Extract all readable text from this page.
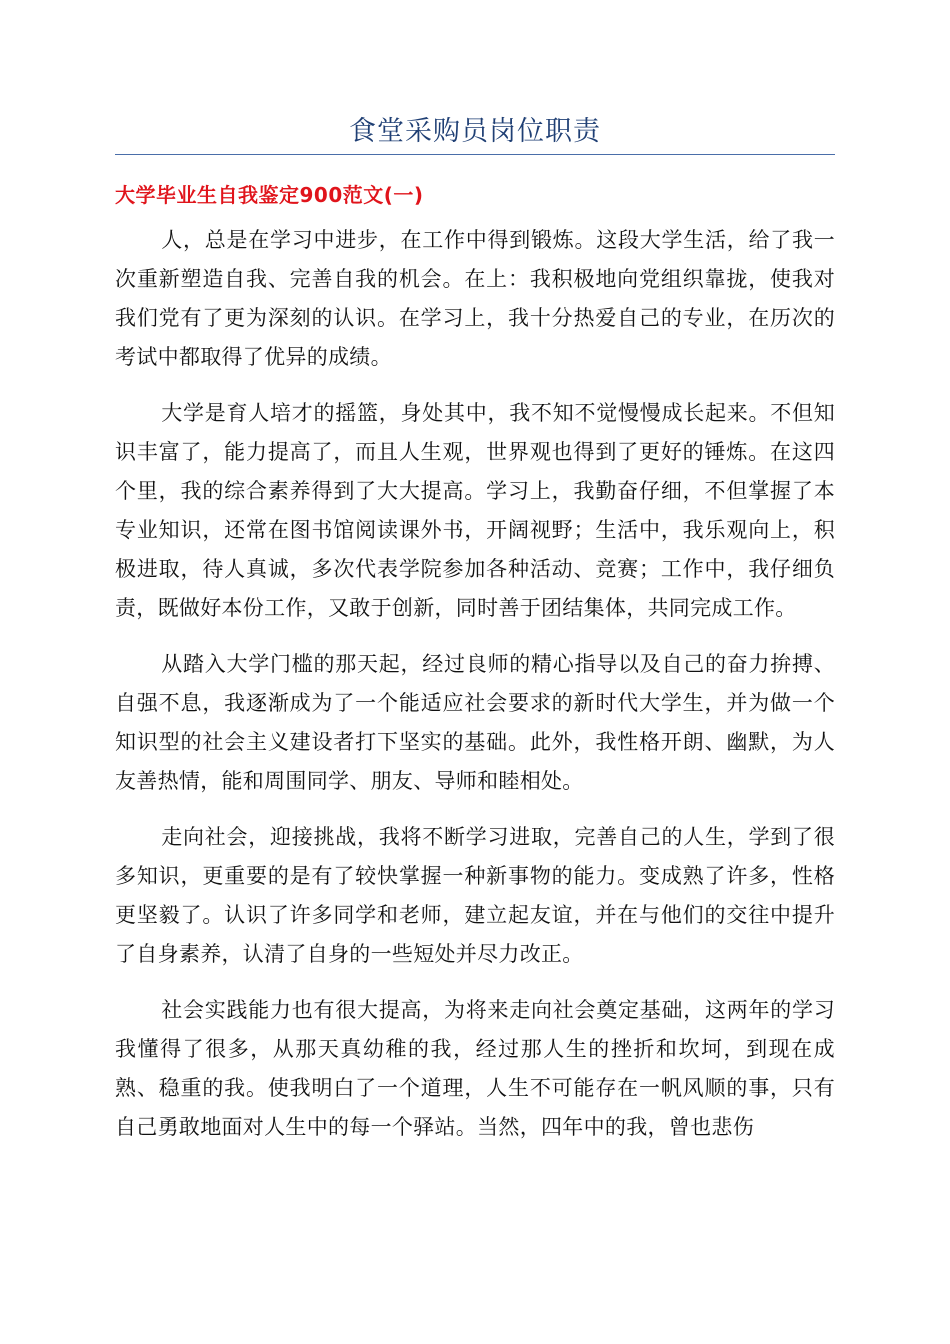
食堂采购员岗位职责
大学毕业生自我鉴定900范文(一)

人，总是在学习中进步，在工作中得到锻炼。这段大学生活，给了我一次重新塑造自我、完善自我的机会。在上：我积极地向党组织靠拢，使我对我们党有了更为深刻的认识。在学习上，我十分热爱自己的专业，在历次的考试中都取得了优异的成绩。

大学是育人培才的摇篮，身处其中，我不知不觉慢慢成长起来。不但知识丰富了，能力提高了，而且人生观，世界观也得到了更好的锤炼。在这四个里，我的综合素养得到了大大提高。学习上，我勤奋仔细，不但掌握了本专业知识，还常在图书馆阅读课外书，开阔视野；生活中，我乐观向上，积极进取，待人真诚，多次代表学院参加各种活动、竞赛；工作中，我仔细负责，既做好本份工作，又敢于创新，同时善于团结集体，共同完成工作。

从踏入大学门槛的那天起，经过良师的精心指导以及自己的奋力拚搏、自强不息，我逐渐成为了一个能适应社会要求的新时代大学生，并为做一个知识型的社会主义建设者打下坚实的基础。此外，我性格开朗、幽默，为人友善热情，能和周围同学、朋友、导师和睦相处。

走向社会，迎接挑战，我将不断学习进取，完善自己的人生，学到了很多知识，更重要的是有了较快掌握一种新事物的能力。变成熟了许多，性格更坚毅了。认识了许多同学和老师，建立起友谊，并在与他们的交往中提升了自身素养，认清了自身的一些短处并尽力改正。

社会实践能力也有很大提高，为将来走向社会奠定基础，这两年的学习我懂得了很多，从那天真幼稚的我，经过那人生的挫折和坎坷，到现在成熟、稳重的我。使我明白了一个道理，人生不可能存在一帆风顺的事，只有自己勇敢地面对人生中的每一个驿站。当然，四年中的我，曾也悲伤
